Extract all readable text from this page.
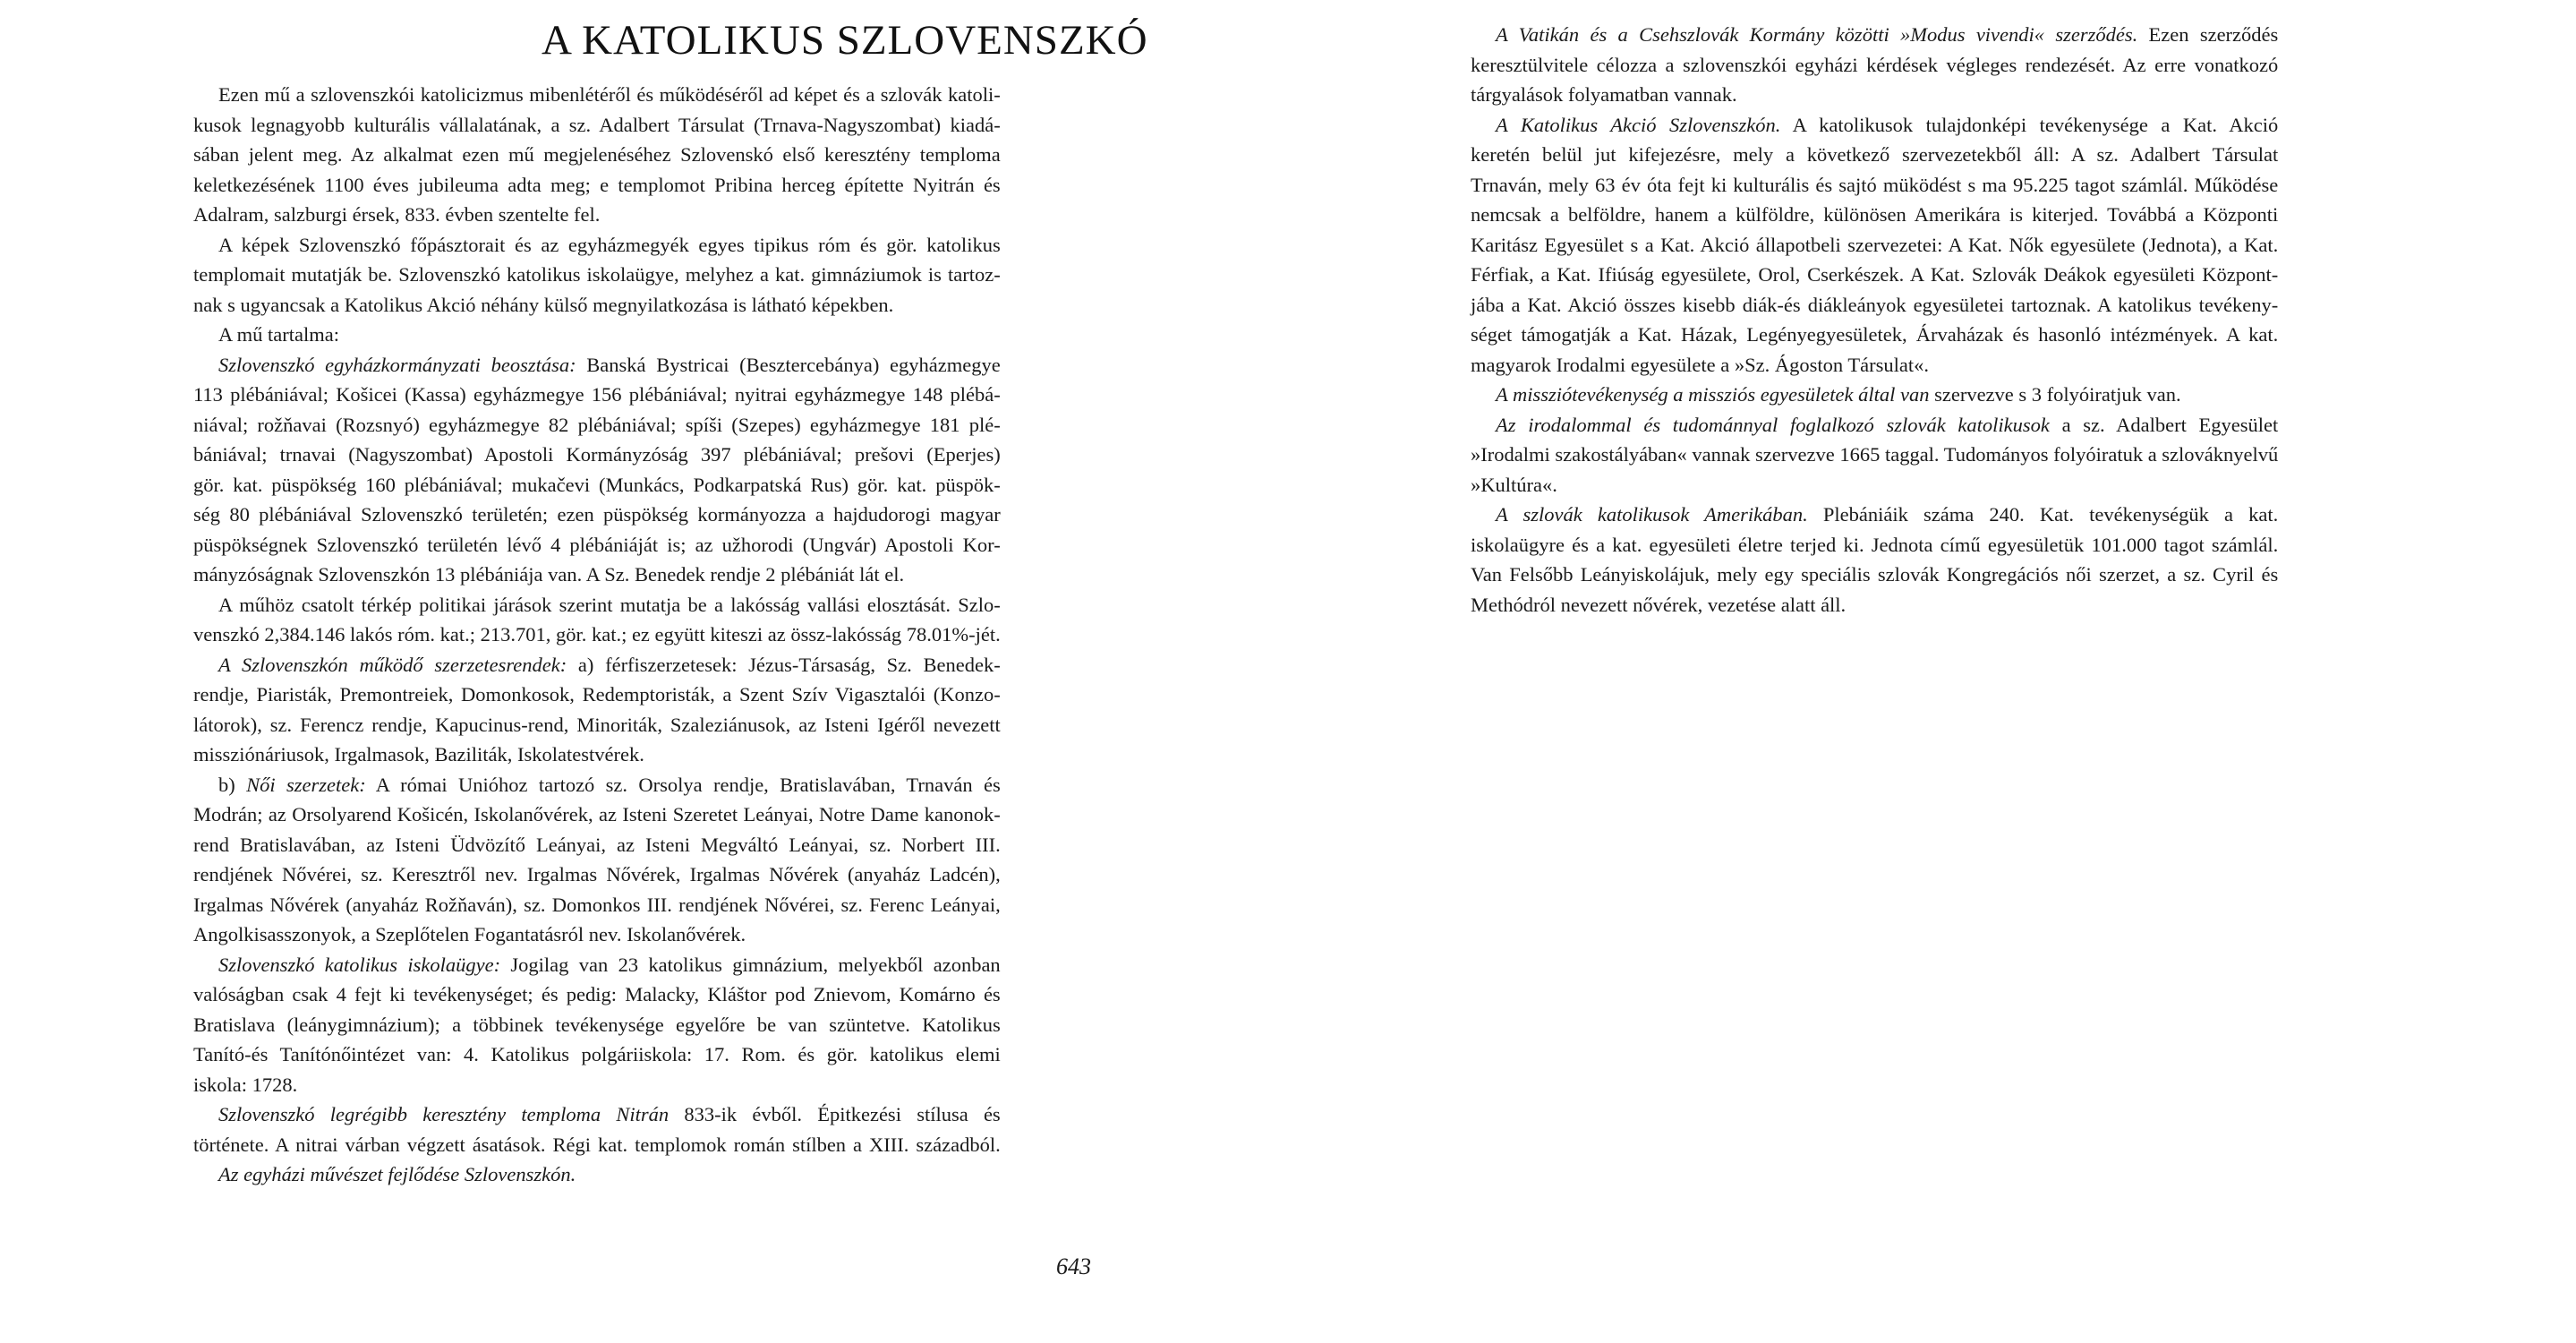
A KATOLIKUS SZLOVENSZKÓ
Ezen mű a szlovenszkói katolicizmus mibenlétéről és működéséről ad képet és a szlovák katoli-
kusok legnagyobb kulturális vállalatának, a sz. Adalbert Társulat (Trnava-Nagyszombat) kiadá-
sában jelent meg. Az alkalmat ezen mű megjelenéséhez Szlovenskó első keresztény temploma
keletkezésének 1100 éves jubileuma adta meg; e templomot Pribina herceg építette Nyitrán és
Adalram, salzburgi érsek, 833. évben szentelte fel.
A képek Szlovenszkó főpásztorait és az egyházmegyék egyes tipikus róm és gör. katolikus
templomait mutatják be. Szlovenszkó katolikus iskolaügye, melyhez a kat. gimnáziumok is tartoz-
nak s ugyancsak a Katolikus Akció néhány külső megnyilatkozása is látható képekben.
A mű tartalma:
Szlovenszkó egyházkormányzati beosztása: Banská Bystricai (Besztercebánya) egyházmegye
113 plébániával; Košicei (Kassa) egyházmegye 156 plébániával; nyitrai egyházmegye 148 plébá-
niával; rožňavai (Rozsnyó) egyházmegye 82 plébániával; spíši (Szepes) egyházmegye 181 plé-
bániával; trnavai (Nagyszombat) Apostoli Kormányzóság 397 plébániával; prešovi (Eperjes)
gör. kat. püspökség 160 plébániával; mukačevi (Munkács, Podkarpatská Rus) gör. kat. püspök-
ség 80 plébániával Szlovenszkó területén; ezen püspökség kormányozza a hajdudorogi magyar
püspökségnek Szlovenszkó területén lévő 4 plébániáját is; az užhorodi (Ungvár) Apostoli Kor-
mányzóságnak Szlovenszkón 13 plébániája van. A Sz. Benedek rendje 2 plébániát lát el.
A műhöz csatolt térkép politikai járások szerint mutatja be a lakósság vallási elosztását. Szlo-
venszkó 2,384.146 lakós róm. kat.; 213.701, gör. kat.; ez együtt kiteszi az össz-lakósság 78.01%-jét.
A Szlovenszkón működő szerzetesrendek: a) férfiszerzetesek: Jézus-Társaság, Sz. Benedek-
rendje, Piaristák, Premontreiek, Domonkosok, Redemptoristák, a Szent Szív Vigasztalói (Konzo-
látorok), sz. Ferencz rendje, Kapucinus-rend, Minoriták, Szaleziánusok, az Isteni Igéről nevezett
missziónáriusok, Irgalmasok, Baziliták, Iskolatestvérek.
b) Női szerzetek: A római Unióhoz tartozó sz. Orsolya rendje, Bratislavában, Trnaván és
Modrán; az Orsolyarend Košicén, Iskolanővérek, az Isteni Szeretet Leányai, Notre Dame kanonok-
rend Bratislavában, az Isteni Üdvözítő Leányai, az Isteni Megváltó Leányai, sz. Norbert III.
rendjének Nővérei, sz. Keresztről nev. Irgalmas Nővérek, Irgalmas Nővérek (anyaház Ladcén),
Irgalmas Nővérek (anyaház Rožňaván), sz. Domonkos III. rendjének Nővérei, sz. Ferenc Leányai,
Angolkisasszonyok, a Szeplőtelen Fogantatásról nev. Iskolanővérek.
Szlovenszkó katolikus iskolaügye: Jogilag van 23 katolikus gimnázium, melyekből azonban
valóságban csak 4 fejt ki tevékenységet; és pedig: Malacky, Kláštor pod Znievom, Komárno és
Bratislava (leánygimnázium); a többinek tevékenysége egyelőre be van szüntetve. Katolikus
Tanító-és Tanítónőintézet van: 4. Katolikus polgáriiskola: 17. Rom. és gör. katolikus elemi
iskola: 1728.
Szlovenszkó legrégibb keresztény temploma Nitrán 833-ik évből. Épitkezési stílusa és
története. A nitrai várban végzett ásatások. Régi kat. templomok román stílben a XIII. századból.
Az egyházi művészet fejlődése Szlovenszkón.
A Vatikán és a Csehszlovák Kormány közötti »Modus vivendi« szerződés. Ezen szerződés
keresztülvitele célozza a szlovenszkói egyházi kérdések végleges rendezését. Az erre vonatkozó
tárgyalások folyamatban vannak.
A Katolikus Akció Szlovenszkón. A katolikusok tulajdonképi tevékenysége a Kat. Akció
keretén belül jut kifejezésre, mely a következő szervezetekből áll: A sz. Adalbert Társulat
Trnaván, mely 63 év óta fejt ki kulturális és sajtó müködést s ma 95.225 tagot számlál. Működése
nemcsak a belföldre, hanem a külföldre, különösen Amerikára is kiterjed. Továbbá a Központi
Karitász Egyesület s a Kat. Akció állapotbeli szervezetei: A Kat. Nők egyesülete (Jednota), a Kat.
Férfiak, a Kat. Ifiúság egyesülete, Orol, Cserkészek. A Kat. Szlovák Deákok egyesületi Központ-
jába a Kat. Akció összes kisebb diák-és diákleányok egyesületei tartoznak. A katolikus tevékeny-
séget támogatják a Kat. Házak, Legényegyesületek, Árvaházak és hasonló intézmények. A kat.
magyarok Irodalmi egyesülete a »Sz. Ágoston Társulat«.
A missziótevékenység a missziós egyesületek által van szervezve s 3 folyóiratjuk van.
Az irodalommal és tudománnyal foglalkozó szlovák katolikusok a sz. Adalbert Egyesület
»Irodalmi szakostályában« vannak szervezve 1665 taggal. Tudományos folyóiratuk a szlováknyelvű
»Kultúra«.
A szlovák katolikusok Amerikában. Plebániáik száma 240. Kat. tevékenységük a kat.
iskolaügyre és a kat. egyesületi életre terjed ki. Jednota című egyesületük 101.000 tagot számlál.
Van Felsőbb Leányiskolájuk, mely egy speciális szlovák Kongregációs női szerzet, a sz. Cyril és
Methódról nevezett nővérek, vezetése alatt áll.
643
